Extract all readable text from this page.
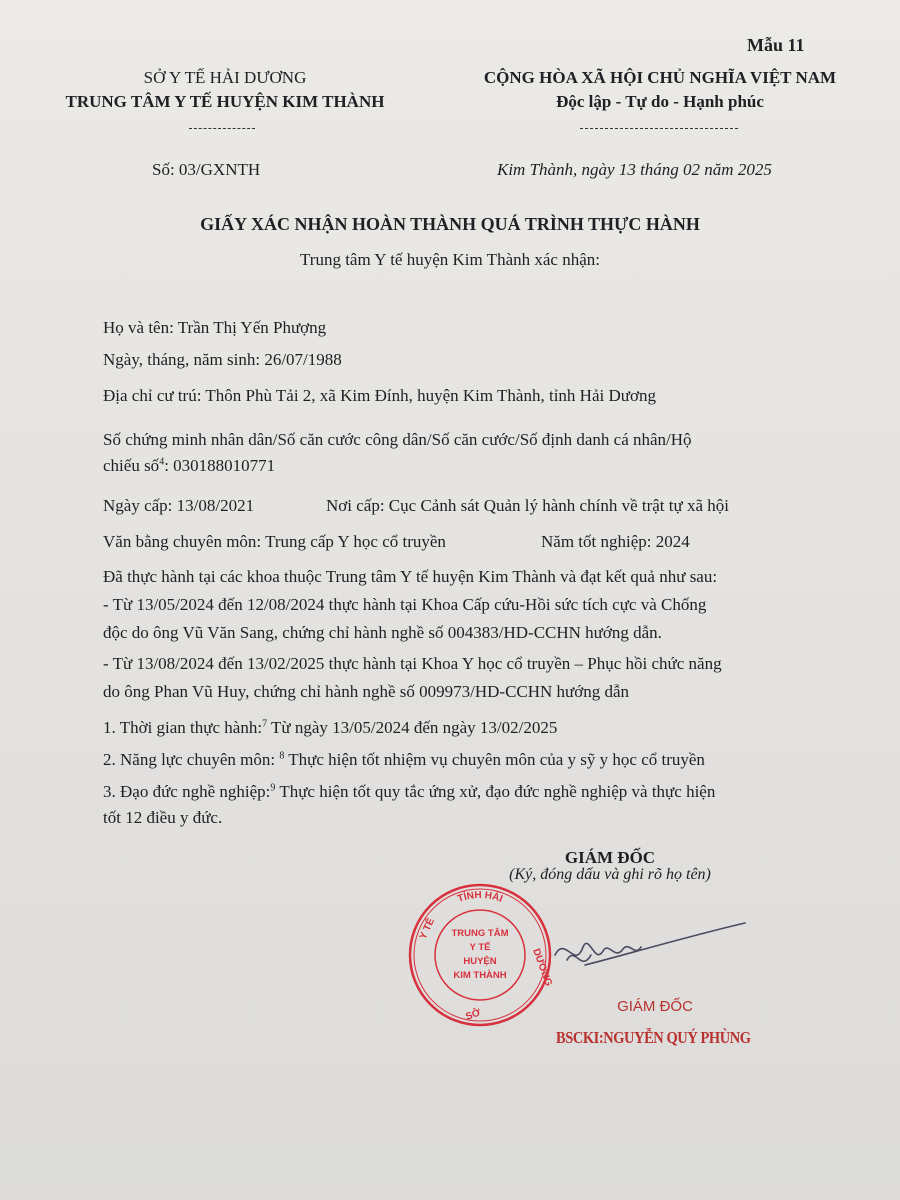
Mẫu 11
SỞ Y TẾ HẢI DƯƠNG
TRUNG TÂM Y TẾ HUYỆN KIM THÀNH
CỘNG HÒA XÃ HỘI CHỦ NGHĨA VIỆT NAM
Độc lập - Tự do - Hạnh phúc
Số: 03/GXNTH	Kim Thành, ngày 13 tháng 02 năm 2025
GIẤY XÁC NHẬN HOÀN THÀNH QUÁ TRÌNH THỰC HÀNH
Trung tâm Y tế huyện Kim Thành xác nhận:
Họ và tên: Trần Thị Yến Phượng
Ngày, tháng, năm sinh: 26/07/1988
Địa chỉ cư trú: Thôn Phù Tải 2, xã Kim Đính, huyện Kim Thành, tỉnh Hải Dương
Số chứng minh nhân dân/Số căn cước công dân/Số căn cước/Số định danh cá nhân/Hộ
chiếu số$^4$: 030188010771
Ngày cấp: 13/08/2021	Nơi cấp: Cục Cảnh sát Quản lý hành chính về trật tự xã hội
Văn bằng chuyên môn: Trung cấp Y học cổ truyền	Năm tốt nghiệp: 2024
Đã thực hành tại các khoa thuộc Trung tâm Y tế huyện Kim Thành và đạt kết quả như sau:
- Từ 13/05/2024 đến 12/08/2024 thực hành tại Khoa Cấp cứu-Hồi sức tích cực và Chống
độc do ông Vũ Văn Sang, chứng chỉ hành nghề số 004383/HD-CCHN hướng dẫn.
- Từ 13/08/2024 đến 13/02/2025 thực hành tại Khoa Y học cổ truyền – Phục hồi chức năng
do ông Phan Vũ Huy, chứng chỉ hành nghề số 009973/HD-CCHN hướng dẫn
1. Thời gian thực hành:$^7$ Từ ngày 13/05/2024 đến ngày 13/02/2025
2. Năng lực chuyên môn: $^8$ Thực hiện tốt nhiệm vụ chuyên môn của y sỹ y học cổ truyền
3. Đạo đức nghề nghiệp:$^9$ Thực hiện tốt quy tắc ứng xử, đạo đức nghề nghiệp và thực hiện
tốt 12 điều y đức.
GIÁM ĐỐC
(Ký, đóng dấu và ghi rõ họ tên)
TỈNH HẢI
Y TẾ
DƯƠNG
SỞ
TRUNG TÂM
Y TẾ
HUYỆN
KIM THÀNH
GIÁM ĐỐC
BSCKI:NGUYỄN QUÝ PHÙNG
